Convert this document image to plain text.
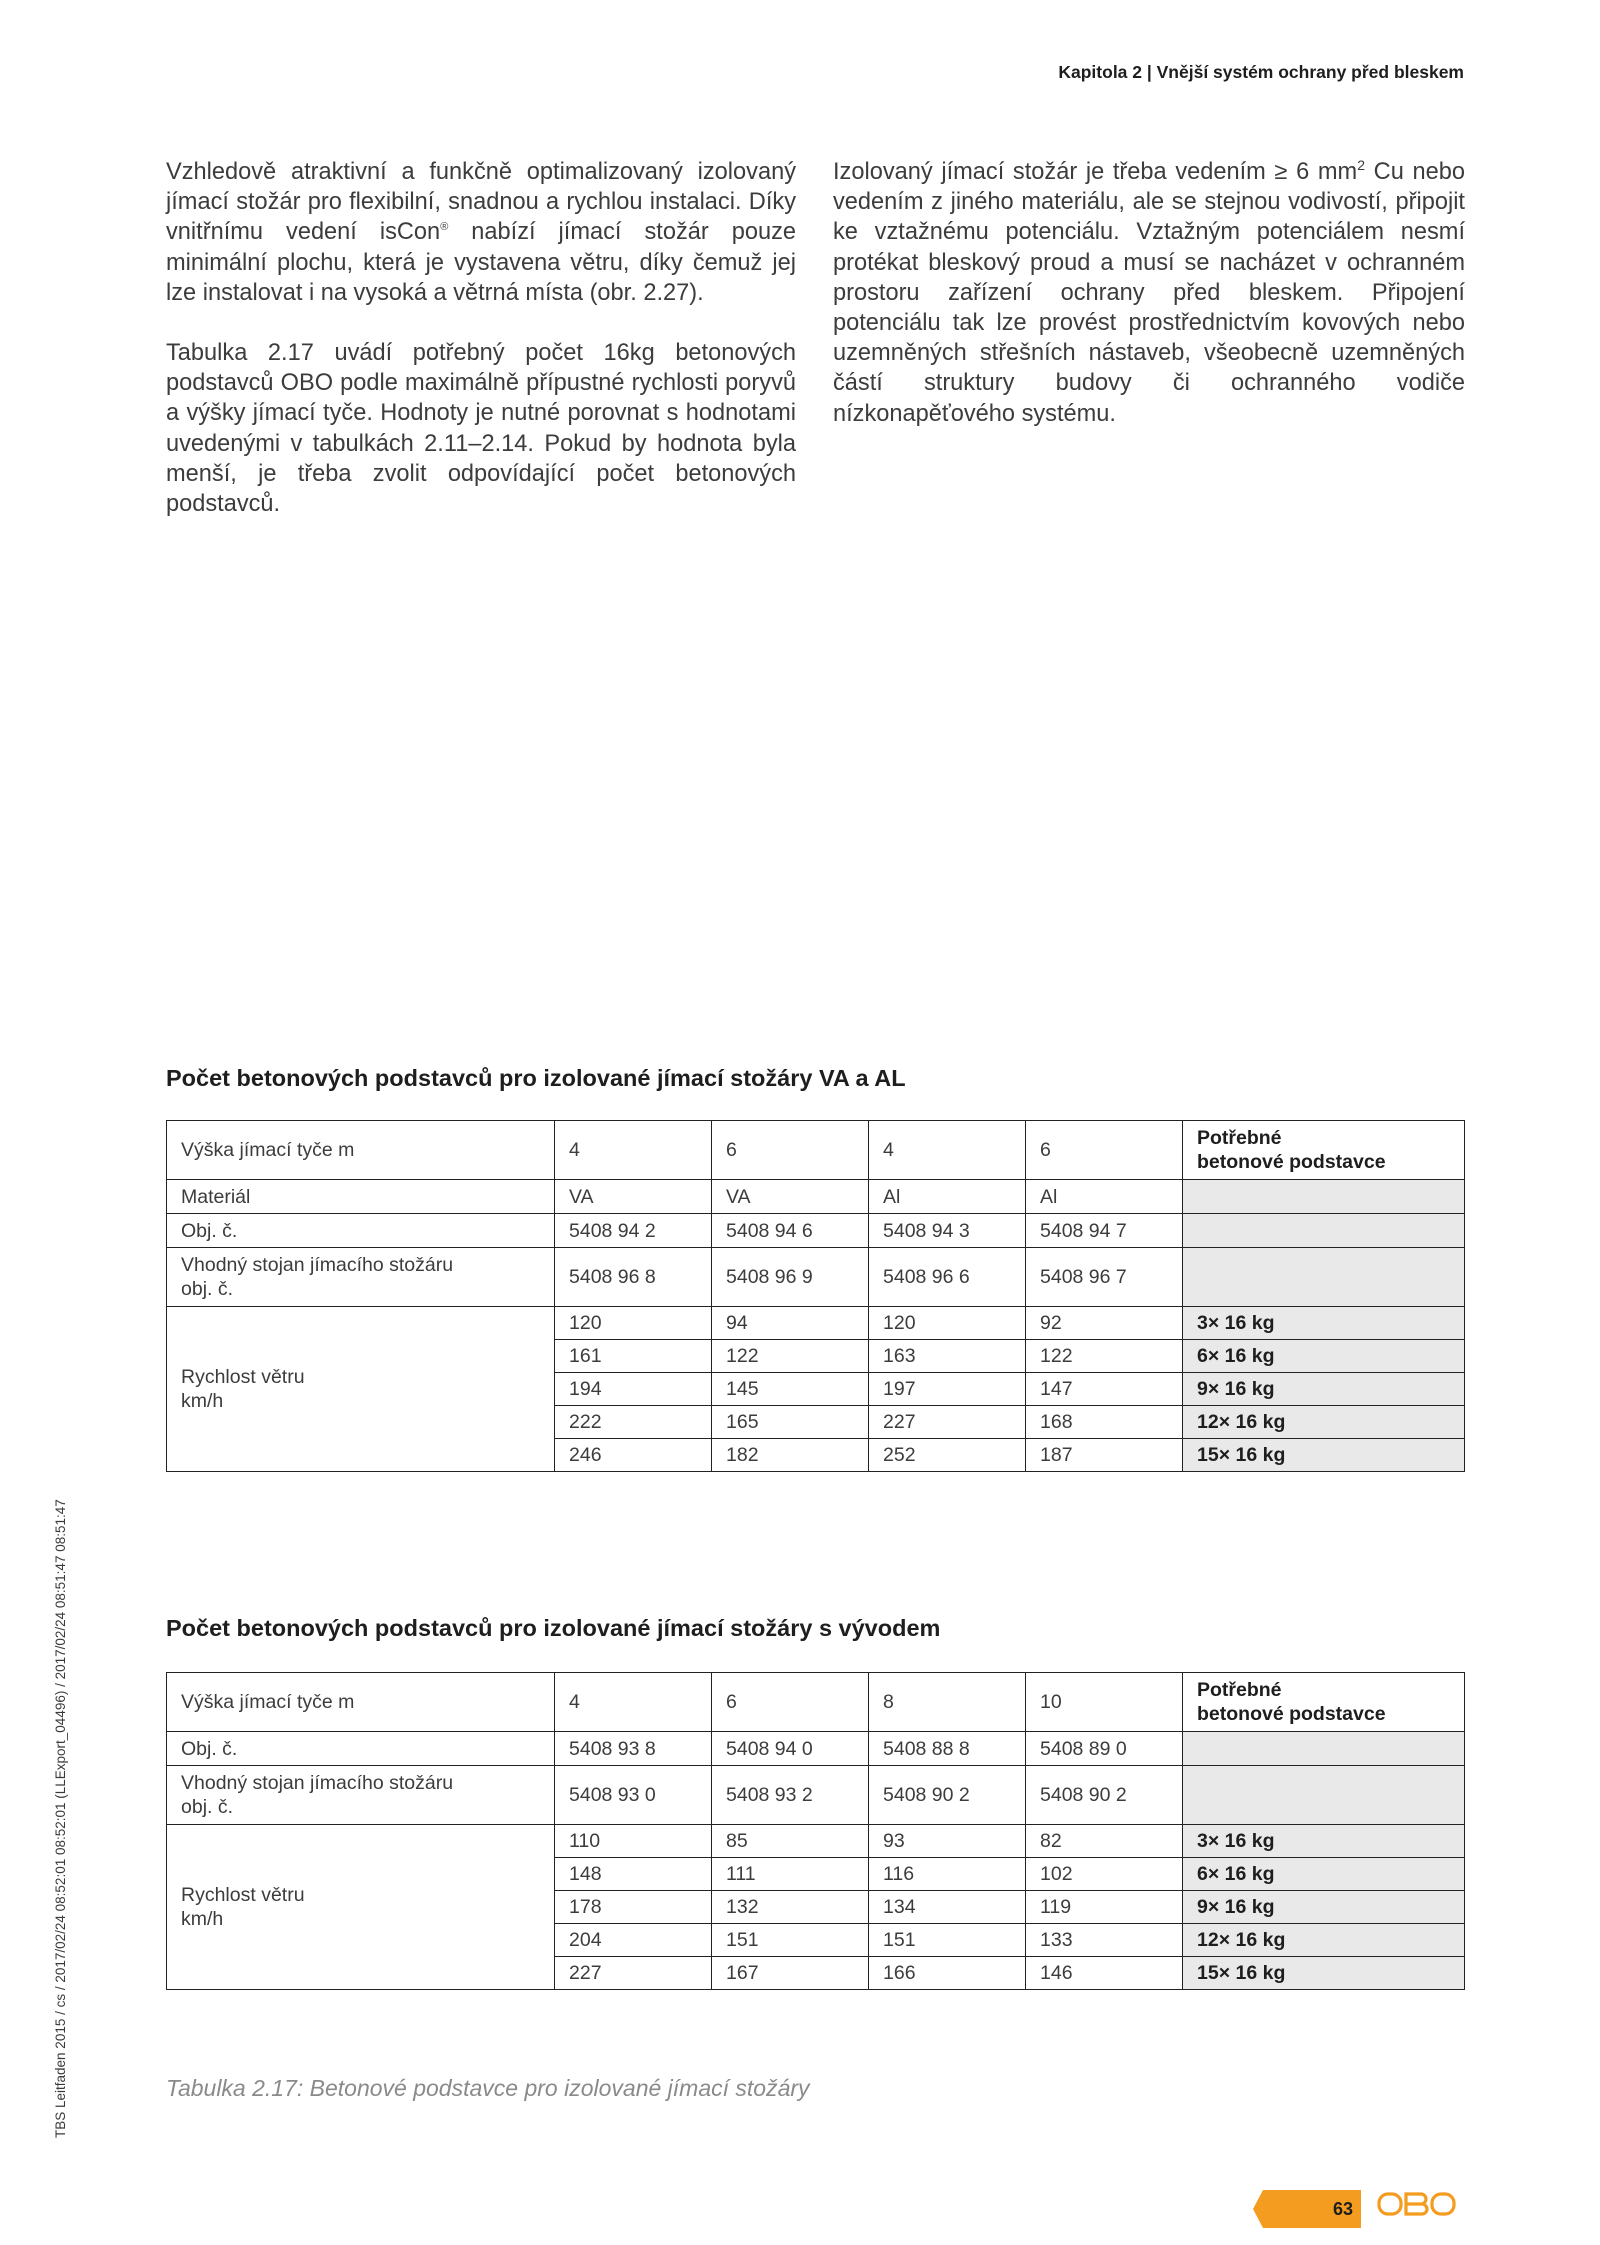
Kapitola 2 | Vnější systém ochrany před bleskem

Vzhledově atraktivní a funkčně optimalizovaný izolovaný jímací stožár pro flexibilní, snadnou a rychlou instalaci. Díky vnitřnímu vedení isCon® nabízí jímací stožár pouze minimální plochu, která je vystavena větru, díky čemuž jej lze instalovat i na vysoká a větrná místa (obr. 2.27).

Tabulka 2.17 uvádí potřebný počet 16kg betonových podstavců OBO podle maximálně přípustné rychlosti poryvů a výšky jímací tyče. Hodnoty je nutné porovnat s hodnotami uvedenými v tabulkách 2.11–2.14. Pokud by hodnota byla menší, je třeba zvolit odpovídající počet betonových podstavců.

Izolovaný jímací stožár je třeba vedením ≥ 6 $mm^2$ Cu nebo vedením z jiného materiálu, ale se stejnou vodivostí, připojit ke vztažnému potenciálu. Vztažným potenciálem nesmí protékat bleskový proud a musí se nacházet v ochranném prostoru zařízení ochrany před bleskem. Připojení potenciálu tak lze provést prostřednictvím kovových nebo uzemněných střešních nástaveb, všeobecně uzemněných částí struktury budovy či ochranného vodiče nízkonapěťového systému.

Počet betonových podstavců pro izolované jímací stožáry VA a AL
Výška jímací tyče m	4	6	4	6	Potřebné
betonové podstavce
Materiál	VA	VA	Al	Al	
Obj. č.	5408 94 2	5408 94 6	5408 94 3	5408 94 7	
Vhodný stojan jímacího stožáru
obj. č.	5408 96 8	5408 96 9	5408 96 6	5408 96 7	
Rychlost větru
km/h	120	94	120	92	3× 16 kg
	161	122	163	122	6× 16 kg
	194	145	197	147	9× 16 kg
	222	165	227	168	12× 16 kg
	246	182	252	187	15× 16 kg
Počet betonových podstavců pro izolované jímací stožáry s vývodem
Výška jímací tyče m	4	6	8	10	Potřebné
betonové podstavce
Obj. č.	5408 93 8	5408 94 0	5408 88 8	5408 89 0	
Vhodný stojan jímacího stožáru
obj. č.	5408 93 0	5408 93 2	5408 90 2	5408 90 2	
Rychlost větru
km/h	110	85	93	82	3× 16 kg
	148	111	116	102	6× 16 kg
	178	132	134	119	9× 16 kg
	204	151	151	133	12× 16 kg
	227	167	166	146	15× 16 kg
Tabulka 2.17: Betonové podstavce pro izolované jímací stožáry
TBS Leitfaden 2015 / cs / 2017/02/24 08:52:01 08:52:01 (LLExport_04496) / 2017/02/24 08:51:47 08:51:47
63
